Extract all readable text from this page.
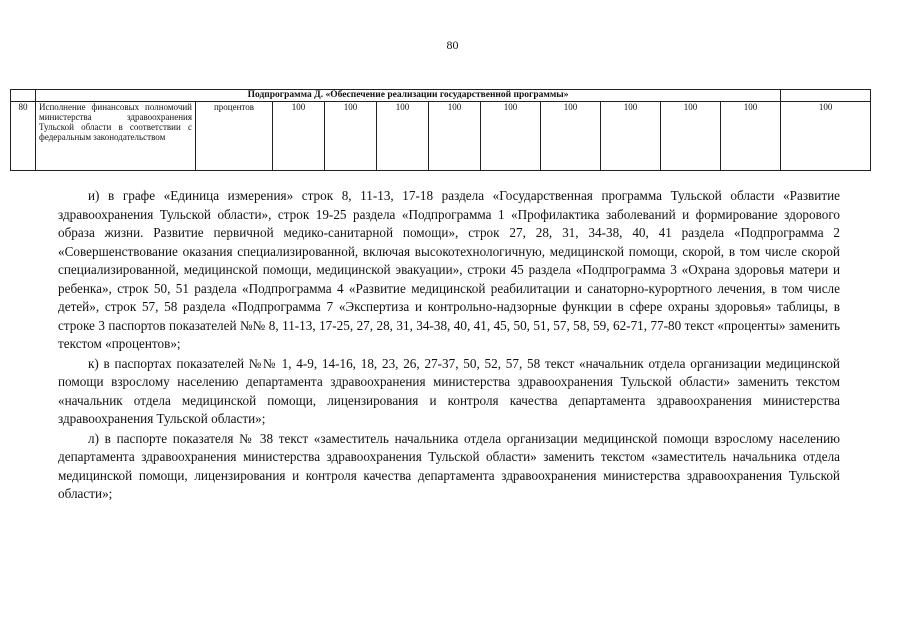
80
	Подпрограмма Д. «Обеспечение реализации государственной программы»											
80	Исполнение финансовых полномочий министерства здравоохранения Тульской области в соответствии с федеральным законодательством	процентов	100	100	100	100	100	100	100	100	100	100

и) в графе «Единица измерения» строк 8, 11-13, 17-18 раздела «Государственная программа Тульской области «Развитие здравоохранения Тульской области», строк 19-25 раздела «Подпрограмма 1 «Профилактика заболеваний и формирование здорового образа жизни. Развитие первичной медико-санитарной помощи», строк 27, 28, 31, 34-38, 40, 41 раздела «Подпрограмма 2 «Совершенствование оказания специализированной, включая высокотехнологичную, медицинской помощи, скорой, в том числе скорой специализированной, медицинской помощи, медицинской эвакуации», строки 45 раздела «Подпрограмма 3 «Охрана здоровья матери и ребенка», строк 50, 51 раздела «Подпрограмма 4 «Развитие медицинской реабилитации и санаторно-курортного лечения, в том числе детей», строк 57, 58 раздела «Подпрограмма 7 «Экспертиза и контрольно-надзорные функции в сфере охраны здоровья» таблицы, в строке 3 паспортов показателей №№ 8, 11-13, 17-25, 27, 28, 31, 34-38, 40, 41, 45, 50, 51, 57, 58, 59, 62-71, 77-80 текст «проценты» заменить текстом «процентов»;

к) в паспортах показателей №№ 1, 4-9, 14-16, 18, 23, 26, 27-37, 50, 52, 57, 58 текст «начальник отдела организации медицинской помощи взрослому населению департамента здравоохранения министерства здравоохранения Тульской области» заменить текстом «начальник отдела медицинской помощи, лицензирования и контроля качества департамента здравоохранения министерства здравоохранения Тульской области»;

л) в паспорте показателя № 38 текст «заместитель начальника отдела организации медицинской помощи взрослому населению департамента здравоохранения министерства здравоохранения Тульской области» заменить текстом «заместитель начальника отдела медицинской помощи, лицензирования и контроля качества департамента здравоохранения министерства здравоохранения Тульской области»;
